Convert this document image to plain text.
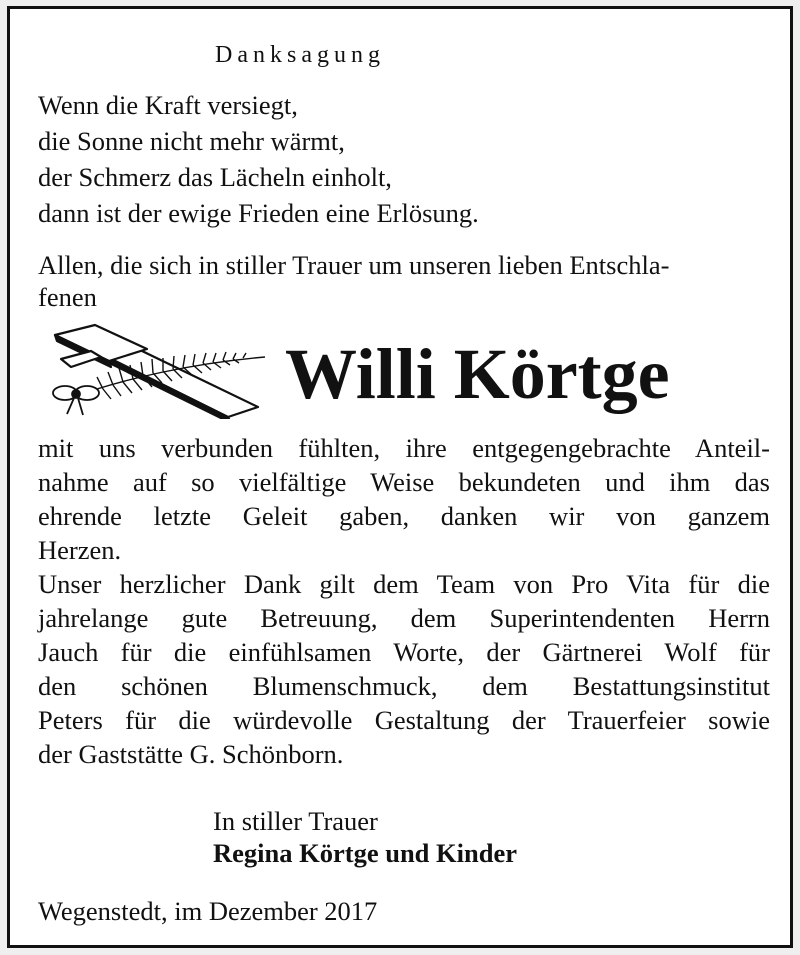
Danksagung
Wenn die Kraft versiegt,
die Sonne nicht mehr wärmt,
der Schmerz das Lächeln einholt,
dann ist der ewige Frieden eine Erlösung.
Allen, die sich in stiller Trauer um unseren lieben Entschla-
fenen
Willi Körtge
mit uns verbunden fühlten, ihre entgegengebrachte Anteil-
nahme auf so vielfältige Weise bekundeten und ihm das
ehrende letzte Geleit gaben, danken wir von ganzem
Herzen.
Unser herzlicher Dank gilt dem Team von Pro Vita für die
jahrelange gute Betreuung, dem Superintendenten Herrn
Jauch für die einfühlsamen Worte, der Gärtnerei Wolf für
den schönen Blumenschmuck, dem Bestattungsinstitut
Peters für die würdevolle Gestaltung der Trauerfeier sowie
der Gaststätte G. Schönborn.
In stiller Trauer
Regina Körtge und Kinder
Wegenstedt, im Dezember 2017
